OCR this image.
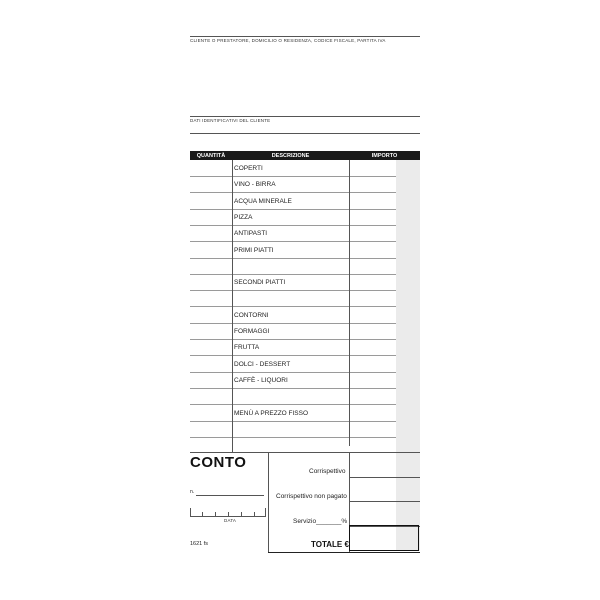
CLIENTE O PRESTATORE, DOMICILIO O RESIDENZA, CODICE FISCALE, PARTITA IVA
DATI IDENTIFICATIVI DEL CLIENTE
QUANTITÀ	DESCRIZIONE	IMPORTO
COPERTI
VINO - BIRRA
ACQUA MINERALE
PIZZA
ANTIPASTI
PRIMI PIATTI
SECONDI PIATTI
CONTORNI
FORMAGGI
FRUTTA
DOLCI - DESSERT
CAFFÈ - LIQUORI
MENÙ A PREZZO FISSO
CONTO
n.
DATA
1621 fs
Corrispettivo
Corrispettivo non pagato
Servizio_______%
TOTALE €
